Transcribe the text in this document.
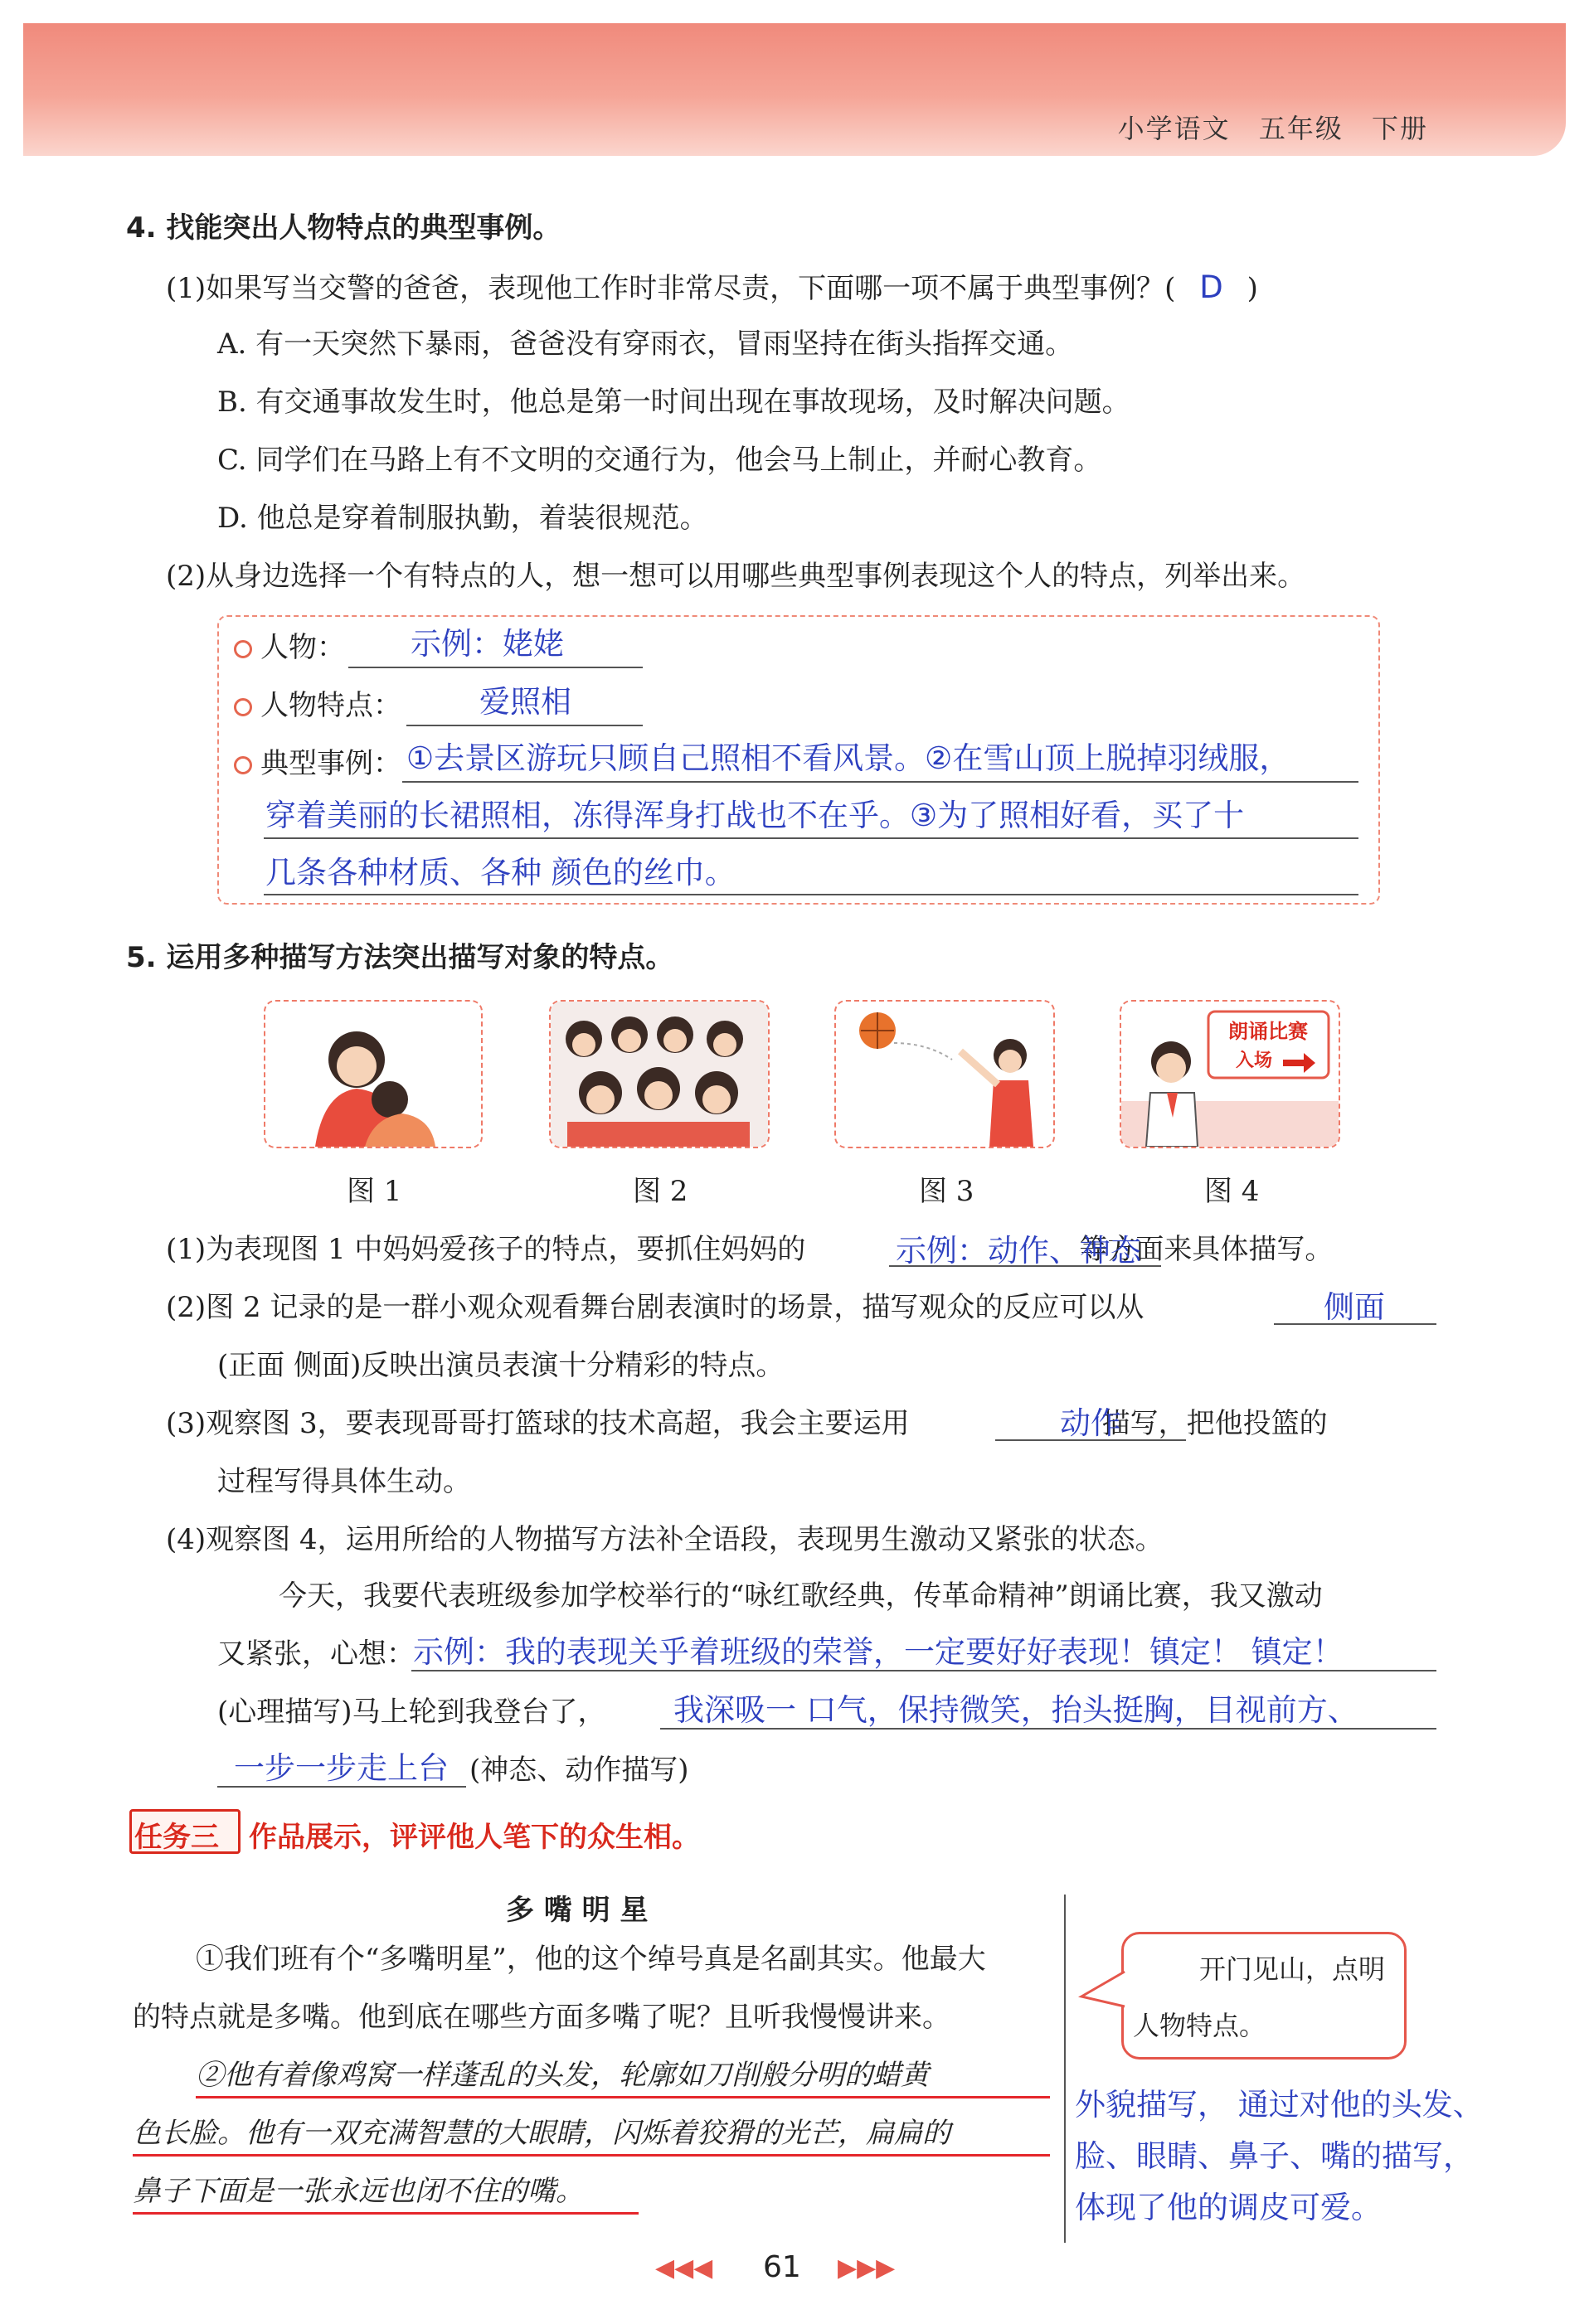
小学语文 五年级 下册
4. 找能突出人物特点的典型事例。
(1)如果写当交警的爸爸，表现他工作时非常尽责，下面哪一项不属于典型事例？( D )
A. 有一天突然下暴雨，爸爸没有穿雨衣，冒雨坚持在街头指挥交通。
B. 有交通事故发生时，他总是第一时间出现在事故现场，及时解决问题。
C. 同学们在马路上有不文明的交通行为，他会马上制止，并耐心教育。
D. 他总是穿着制服执勤，着装很规范。
(2)从身边选择一个有特点的人，想一想可以用哪些典型事例表现这个人的特点，列举出来。
人物： 示例：姥姥
人物特点：	爱照相
典型事例： ①去景区游玩只顾自己照相不看风景。②在雪山顶上脱掉羽绒服，
穿着美丽的长裙照相，冻得浑身打战也不在乎。③为了照相好看，买了十
几条各种材质、各种 颜色的丝巾。
5. 运用多种描写方法突出描写对象的特点。
朗诵比赛
入场
图 1	图 2	图 3	图 4
(1)为表现图 1 中妈妈爱孩子的特点，要抓住妈妈的	等方面来具体描写。
示例：动作、神态
(2)图 2 记录的是一群小观众观看舞台剧表演时的场景，描写观众的反应可以从	侧面
(正面 侧面)反映出演员表演十分精彩的特点。
(3)观察图 3，要表现哥哥打篮球的技术高超，我会主要运用	描写，把他投篮的
动作
过程写得具体生动。
(4)观察图 4，运用所给的人物描写方法补全语段，表现男生激动又紧张的状态。
今天，我要代表班级参加学校举行的“咏红歌经典，传革命精神”朗诵比赛，我又激动
又紧张，心想：
示例：我的表现关乎着班级的荣誉，一定要好好表现！镇定！ 镇定！
(心理描写)马上轮到我登台了， 我深吸一 口气，保持微笑，抬头挺胸，目视前方、
一步一步走上台 (神态、动作描写)
任务三 作品展示，评评他人笔下的众生相。
多 嘴 明 星
①我们班有个“多嘴明星”，他的这个绰号真是名副其实。他最大
的特点就是多嘴。他到底在哪些方面多嘴了呢？且听我慢慢讲来。
②他有着像鸡窝一样蓬乱的头发，轮廓如刀削般分明的蜡黄
色长脸。他有一双充满智慧的大眼睛，闪烁着狡猾的光芒，扁扁的
鼻子下面是一张永远也闭不住的嘴。
开门见山，点明
人物特点。
外貌描写， 通过对他的头发、
脸、眼睛、鼻子、嘴的描写，
体现了他的调皮可爱。
◀◀◀ 61 ▶▶▶
